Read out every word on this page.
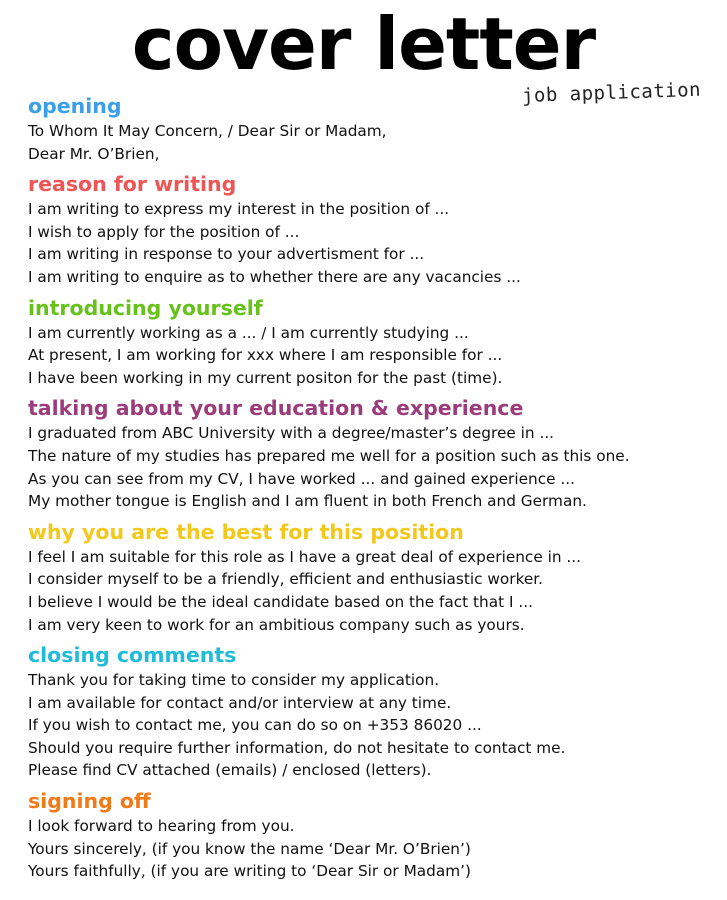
cover letter
job application
opening
To Whom It May Concern, / Dear Sir or Madam,
Dear Mr. O’Brien,
reason for writing
I am writing to express my interest in the position of ...
I wish to apply for the position of ...
I am writing in response to your advertisment for ...
I am writing to enquire as to whether there are any vacancies ...
introducing yourself
I am currently working as a ... / I am currently studying ...
At present, I am working for xxx where I am responsible for ...
I have been working in my current positon for the past (time).
talking about your education & experience
I graduated from ABC University with a degree/master’s degree in ...
The nature of my studies has prepared me well for a position such as this one.
As you can see from my CV, I have worked ... and gained experience ...
My mother tongue is English and I am fluent in both French and German.
why you are the best for this position
I feel I am suitable for this role as I have a great deal of experience in ...
I consider myself to be a friendly, efficient and enthusiastic worker.
I believe I would be the ideal candidate based on the fact that I ...
I am very keen to work for an ambitious company such as yours.
closing comments
Thank you for taking time to consider my application.
I am available for contact and/or interview at any time.
If you wish to contact me, you can do so on +353 86020 ...
Should you require further information, do not hesitate to contact me.
Please find CV attached (emails) / enclosed (letters).
signing off
I look forward to hearing from you.
Yours sincerely, (if you know the name ‘Dear Mr. O’Brien’)
Yours faithfully, (if you are writing to ‘Dear Sir or Madam’)
